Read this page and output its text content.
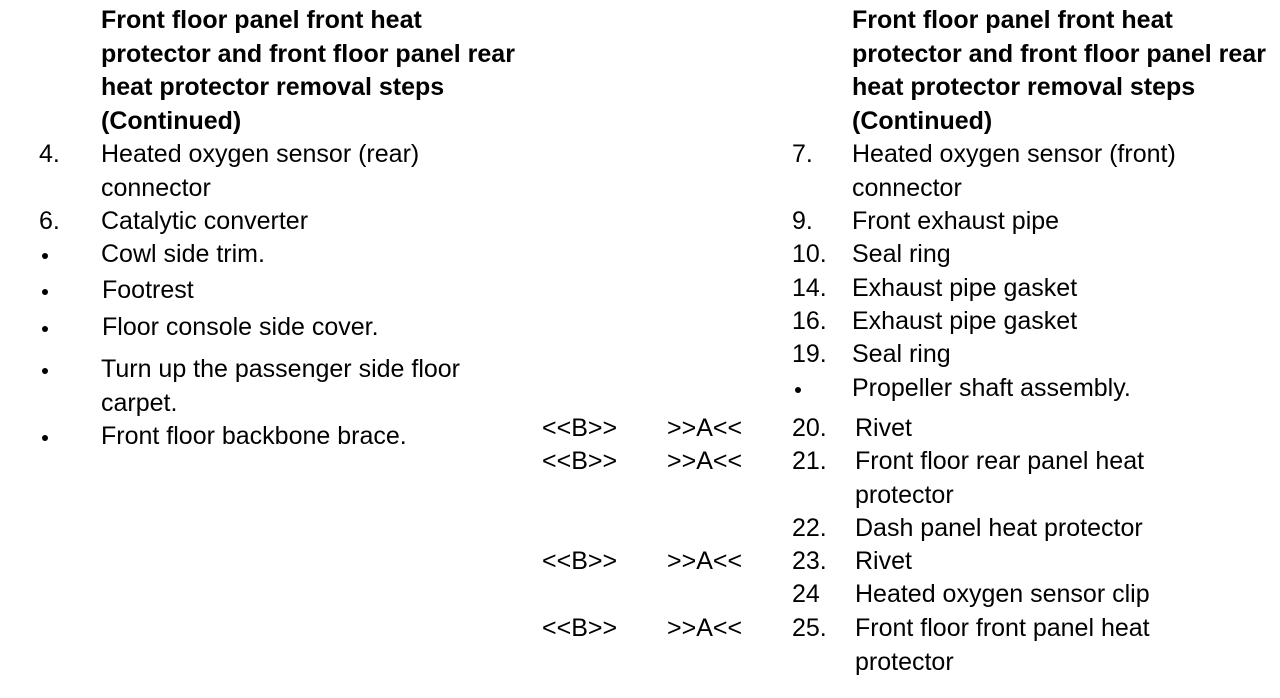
Front floor panel front heat protector and front floor panel rear heat protector removal steps (Continued)
4. Heated oxygen sensor (rear) connector
6. Catalytic converter
Cowl side trim.
Footrest
Floor console side cover.
Turn up the passenger side floor carpet.
Front floor backbone brace.	<<B>> >>A<<
<<B>> >>A<<
<<B>> >>A<<
<<B>> >>A<<
Front floor panel front heat protector and front floor panel rear heat protector removal steps (Continued)
7. Heated oxygen sensor (front) connector
9. Front exhaust pipe
10. Seal ring
14. Exhaust pipe gasket
16. Exhaust pipe gasket
19. Seal ring
Propeller shaft assembly.
20. Rivet
21. Front floor rear panel heat protector
22. Dash panel heat protector
23. Rivet
24 Heated oxygen sensor clip
25. Front floor front panel heat protector
